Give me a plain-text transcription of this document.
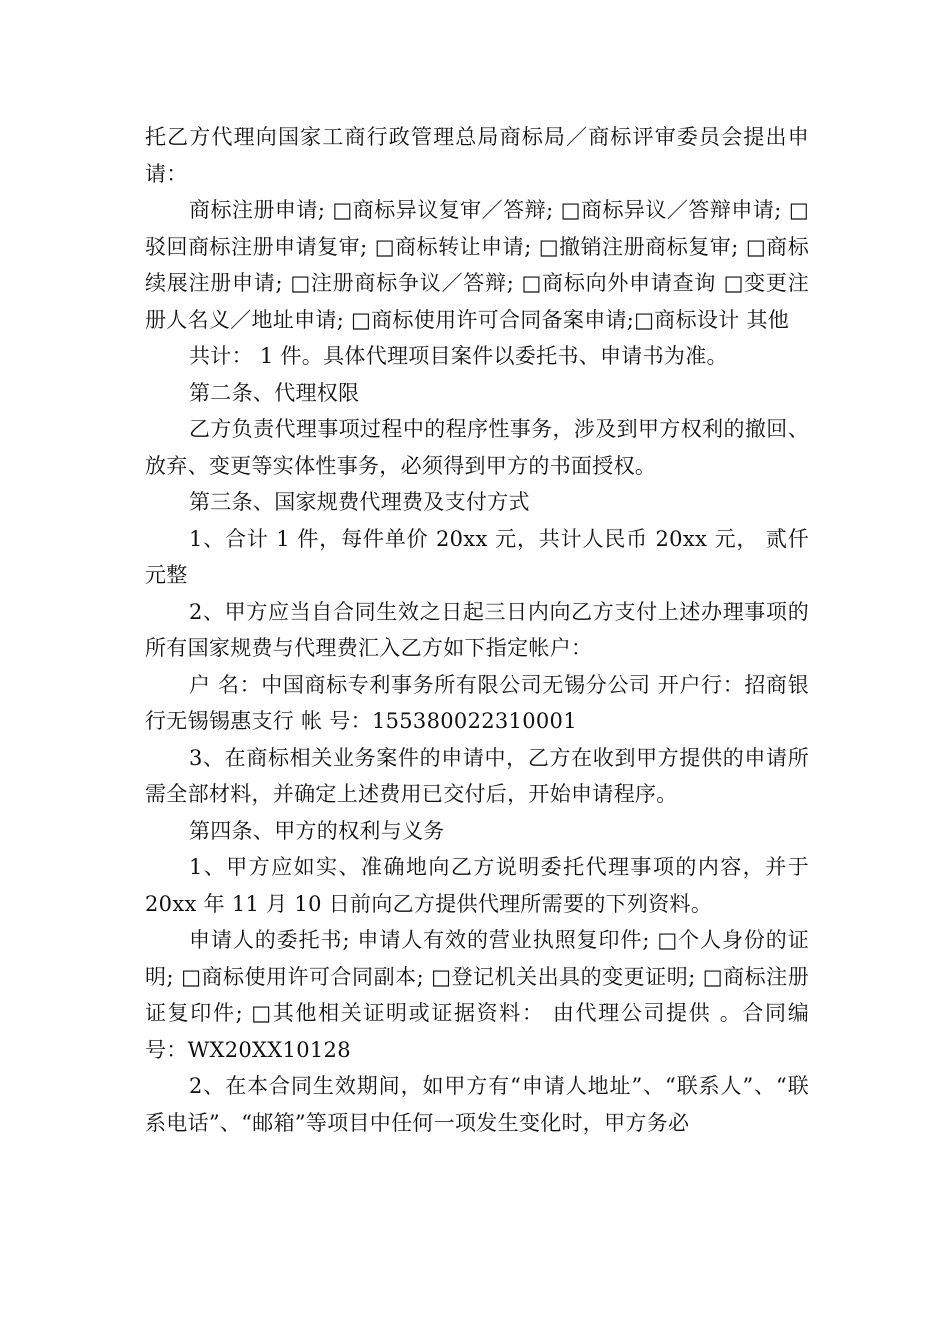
托乙方代理向国家工商行政管理总局商标局／商标评审委员会提出申请：

商标注册申请; □商标异议复审／答辩; □商标异议／答辩申请; □驳回商标注册申请复审; □商标转让申请; □撤销注册商标复审; □商标续展注册申请; □注册商标争议／答辩; □商标向外申请查询 □变更注册人名义／地址申请; □商标使用许可合同备案申请;□商标设计 其他

共计： 1 件。具体代理项目案件以委托书、申请书为准。

第二条、代理权限

乙方负责代理事项过程中的程序性事务，涉及到甲方权利的撤回、放弃、变更等实体性事务，必须得到甲方的书面授权。

第三条、国家规费代理费及支付方式

1、合计 1 件，每件单价 20xx 元，共计人民币 20xx 元， 贰仟元整

2、甲方应当自合同生效之日起三日内向乙方支付上述办理事项的所有国家规费与代理费汇入乙方如下指定帐户：

户 名：中国商标专利事务所有限公司无锡分公司 开户行：招商银行无锡锡惠支行 帐 号：155380022310001

3、在商标相关业务案件的申请中，乙方在收到甲方提供的申请所需全部材料，并确定上述费用已交付后，开始申请程序。

第四条、甲方的权利与义务

1、甲方应如实、准确地向乙方说明委托代理事项的内容，并于 20xx 年 11 月 10 日前向乙方提供代理所需要的下列资料。

申请人的委托书; 申请人有效的营业执照复印件; □个人身份的证明; □商标使用许可合同副本; □登记机关出具的变更证明; □商标注册证复印件; □其他相关证明或证据资料： 由代理公司提供 。合同编号：WX20XX10128

2、在本合同生效期间，如甲方有“申请人地址”、“联系人”、“联系电话”、“邮箱”等项目中任何一项发生变化时，甲方务必
